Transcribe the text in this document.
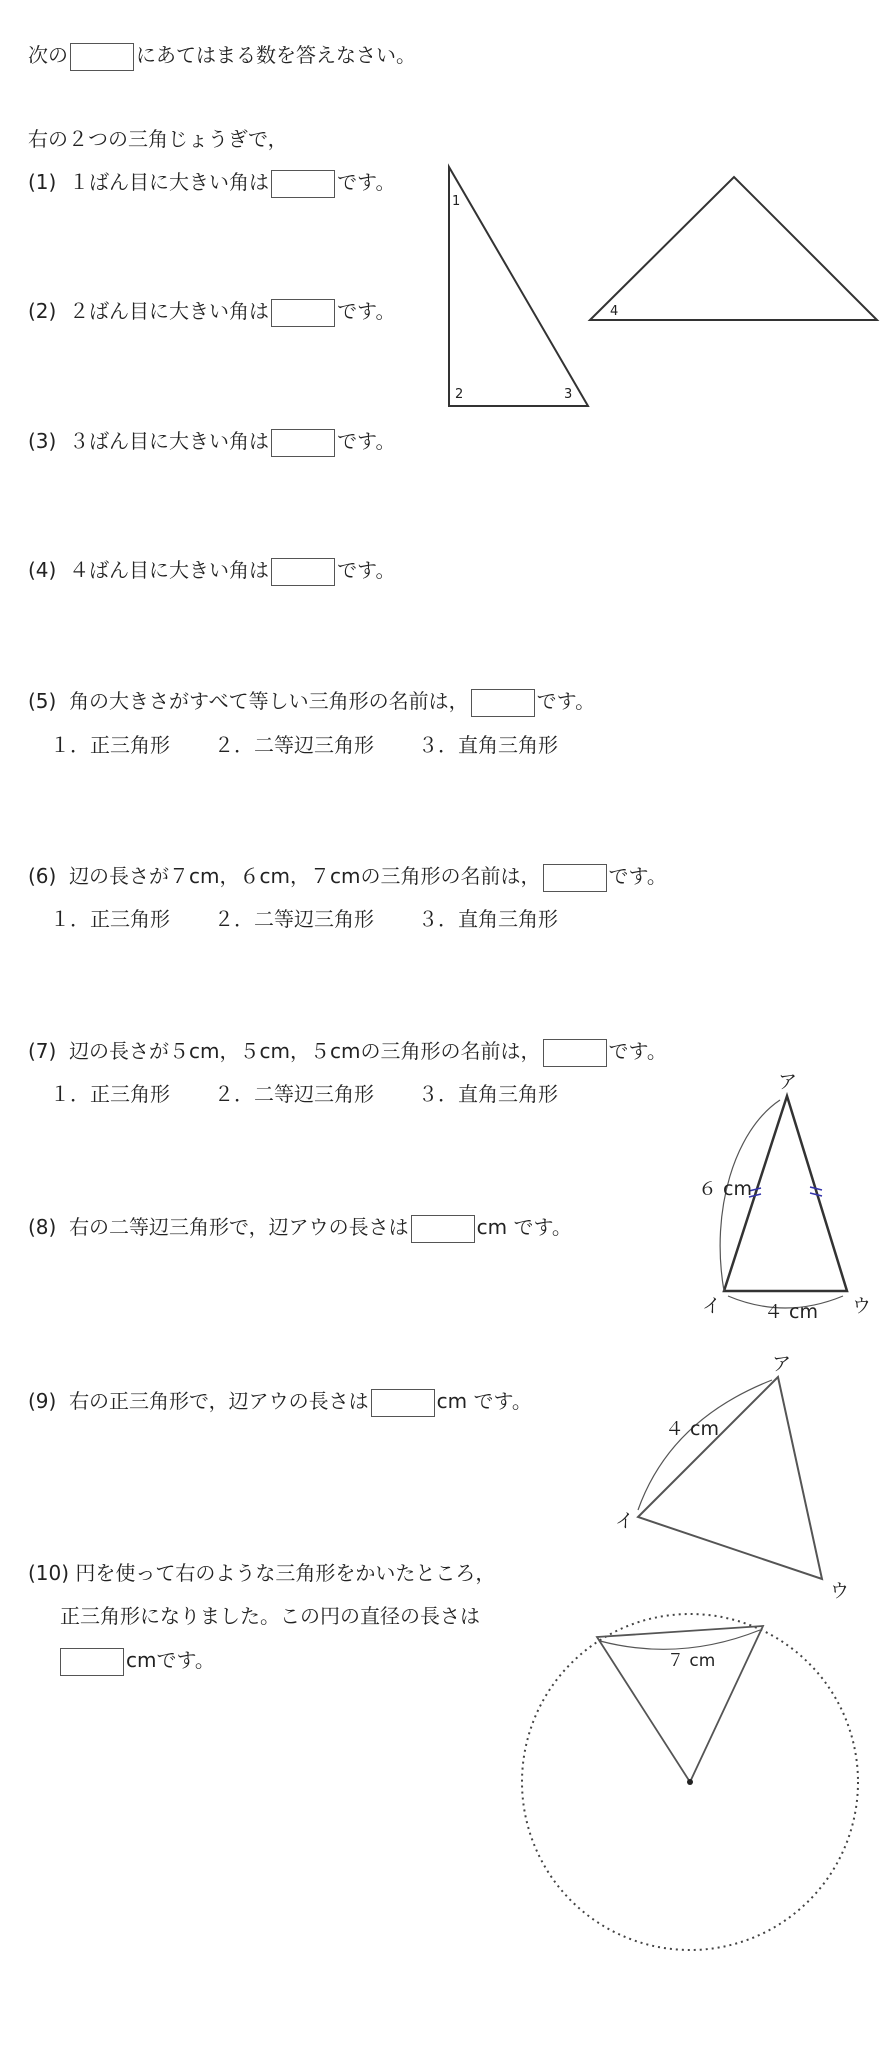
次の	にあてはまる数を答えなさい。
右の２つの三角じょうぎで，
(1) １ばん目に大きい角は	です。
(2) ２ばん目に大きい角は	です。
(3) ３ばん目に大きい角は	です。
(4) ４ばん目に大きい角は	です。
(5) 角の大きさがすべて等しい三角形の名前は，	です。
１．正三角形 ２．二等辺三角形 ３．直角三角形
(6) 辺の長さが７cm，６cm，７cmの三角形の名前は，	です。
１．正三角形 ２．二等辺三角形 ３．直角三角形
(7) 辺の長さが５cm，５cm，５cmの三角形の名前は，	です。
１．正三角形 ２．二等辺三角形 ３．直角三角形
(8) 右の二等辺三角形で，辺アウの長さは	cm です。
(9) 右の正三角形で，辺アウの長さは	cm です。
(10) 円を使って右のような三角形をかいたところ，
正三角形になりました。この円の直径の長さは
cmです。
1
2	3
4
ア
イ	ウ
６ cm
４ cm
ア
イ
ウ
４ cm
７ cm
